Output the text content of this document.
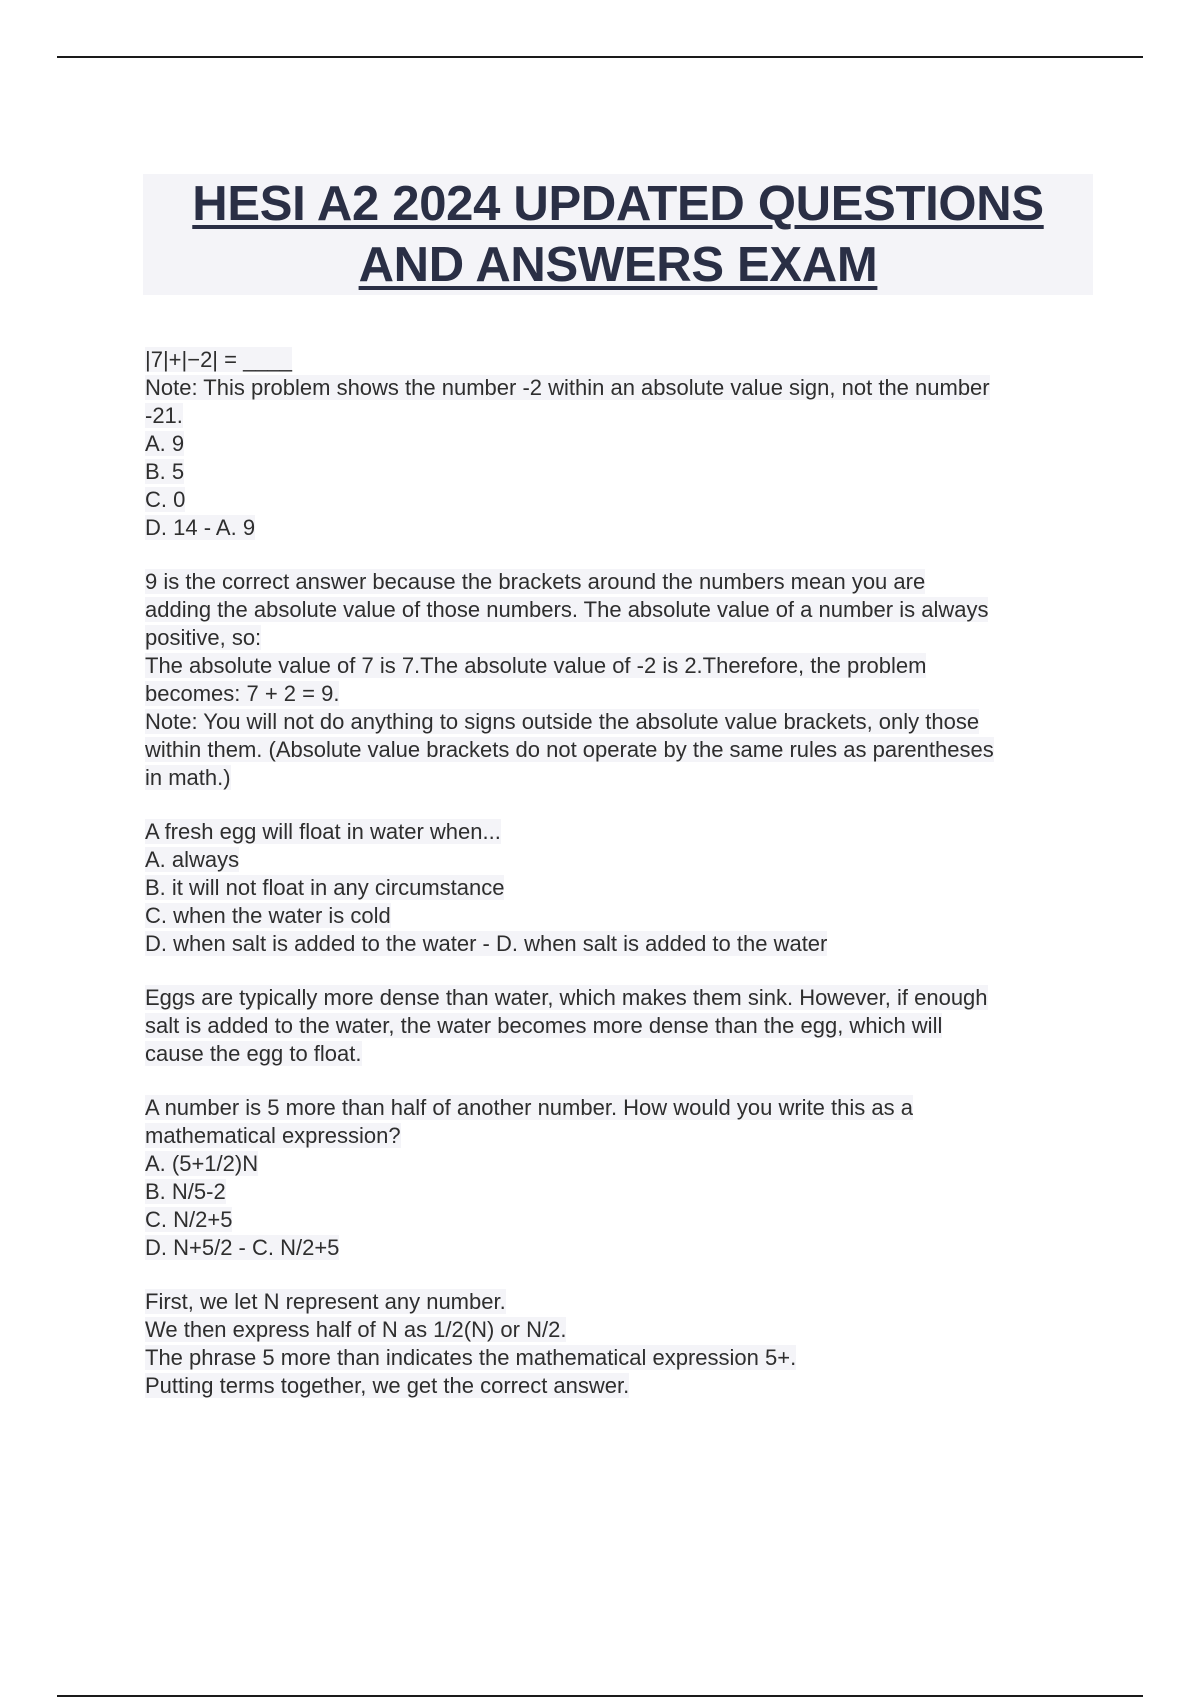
HESI A2 2024 UPDATED QUESTIONS

AND ANSWERS EXAM

|7|+|−2| = ____
Note: This problem shows the number -2 within an absolute value sign, not the number
-21.
A. 9
B. 5
C. 0
D. 14 - A. 9
9 is the correct answer because the brackets around the numbers mean you are
adding the absolute value of those numbers. The absolute value of a number is always
positive, so:
The absolute value of 7 is 7.The absolute value of -2 is 2.Therefore, the problem
becomes: 7 + 2 = 9.
Note: You will not do anything to signs outside the absolute value brackets, only those
within them. (Absolute value brackets do not operate by the same rules as parentheses
in math.)
A fresh egg will float in water when...
A. always
B. it will not float in any circumstance
C. when the water is cold
D. when salt is added to the water - D. when salt is added to the water
Eggs are typically more dense than water, which makes them sink. However, if enough
salt is added to the water, the water becomes more dense than the egg, which will
cause the egg to float.
A number is 5 more than half of another number. How would you write this as a
mathematical expression?
A. (5+1/2)N
B. N/5-2
C. N/2+5
D. N+5/2 - C. N/2+5
First, we let N represent any number.
We then express half of N as 1/2(N) or N/2.
The phrase 5 more than indicates the mathematical expression 5+.
Putting terms together, we get the correct answer.
